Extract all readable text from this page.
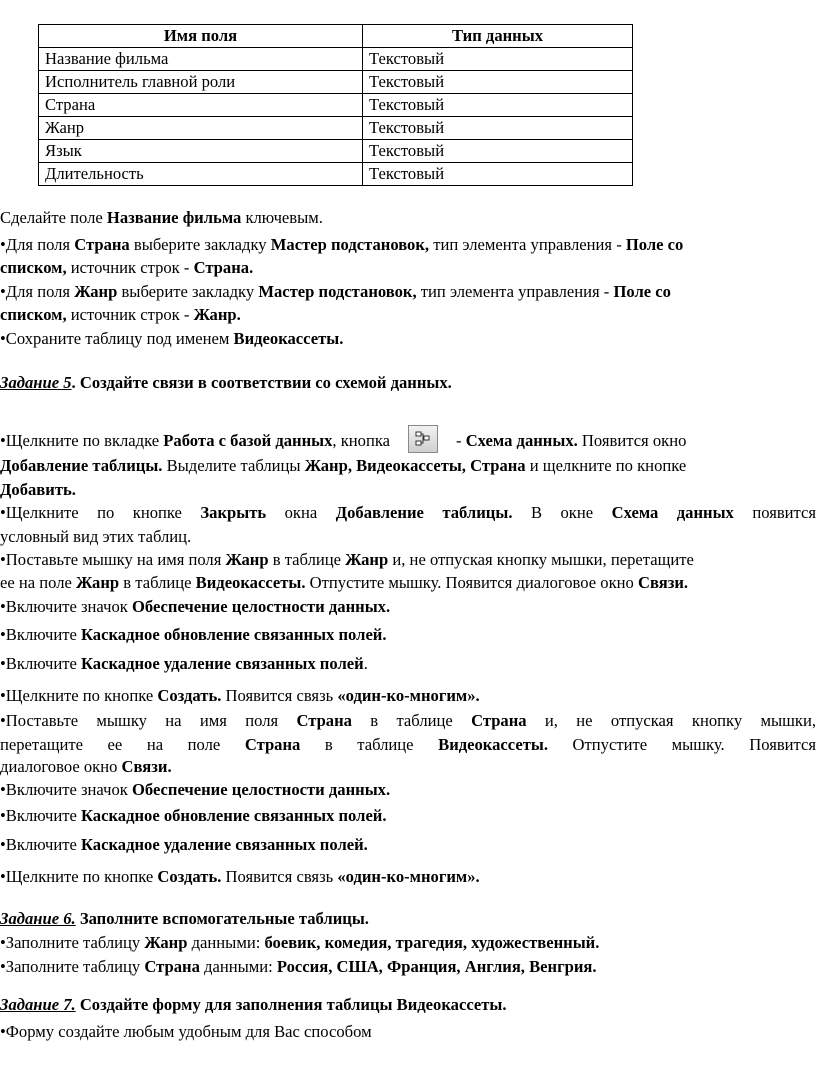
Имя поля	Тип данных
Название фильма	Текстовый
Исполнитель главной роли	Текстовый
Страна	Текстовый
Жанр	Текстовый
Язык	Текстовый
Длительность	Текстовый
Сделайте поле Название фильма ключевым.
•Для поля Страна выберите закладку Мастер подстановок, тип элемента управления - Поле со
списком, источник строк - Страна.
•Для поля Жанр выберите закладку Мастер подстановок, тип элемента управления - Поле со
списком, источник строк - Жанр.
•Сохраните таблицу под именем Видеокассеты.
Задание 5. Создайте связи в соответствии со схемой данных.
•Щелкните по вкладке Работа с базой данных, кнопка	- Схема данных. Появится окно
Добавление таблицы. Выделите таблицы Жанр, Видеокассеты, Страна и щелкните по кнопке
Добавить.
•Щелкните по кнопке Закрыть окна Добавление таблицы. В окне Схема данных появится
условный вид этих таблиц.
•Поставьте мышку на имя поля Жанр в таблице Жанр и, не отпуская кнопку мышки, перетащите
ее на поле Жанр в таблице Видеокассеты. Отпустите мышку. Появится диалоговое окно Связи.
•Включите значок Обеспечение целостности данных.
•Включите Каскадное обновление связанных полей.
•Включите Каскадное удаление связанных полей.
•Щелкните по кнопке Создать. Появится связь «один-ко-многим».
•Поставьте мышку на имя поля Страна в таблице Страна и, не отпуская кнопку мышки,
перетащите ее на поле Страна в таблице Видеокассеты. Отпустите мышку. Появится
диалоговое окно Связи.
•Включите значок Обеспечение целостности данных.
•Включите Каскадное обновление связанных полей.
•Включите Каскадное удаление связанных полей.
•Щелкните по кнопке Создать. Появится связь «один-ко-многим».
Задание 6. Заполните вспомогательные таблицы.
•Заполните таблицу Жанр данными: боевик, комедия, трагедия, художественный.
•Заполните таблицу Страна данными: Россия, США, Франция, Англия, Венгрия.
Задание 7. Создайте форму для заполнения таблицы Видеокассеты.
•Форму создайте любым удобным для Вас способом
